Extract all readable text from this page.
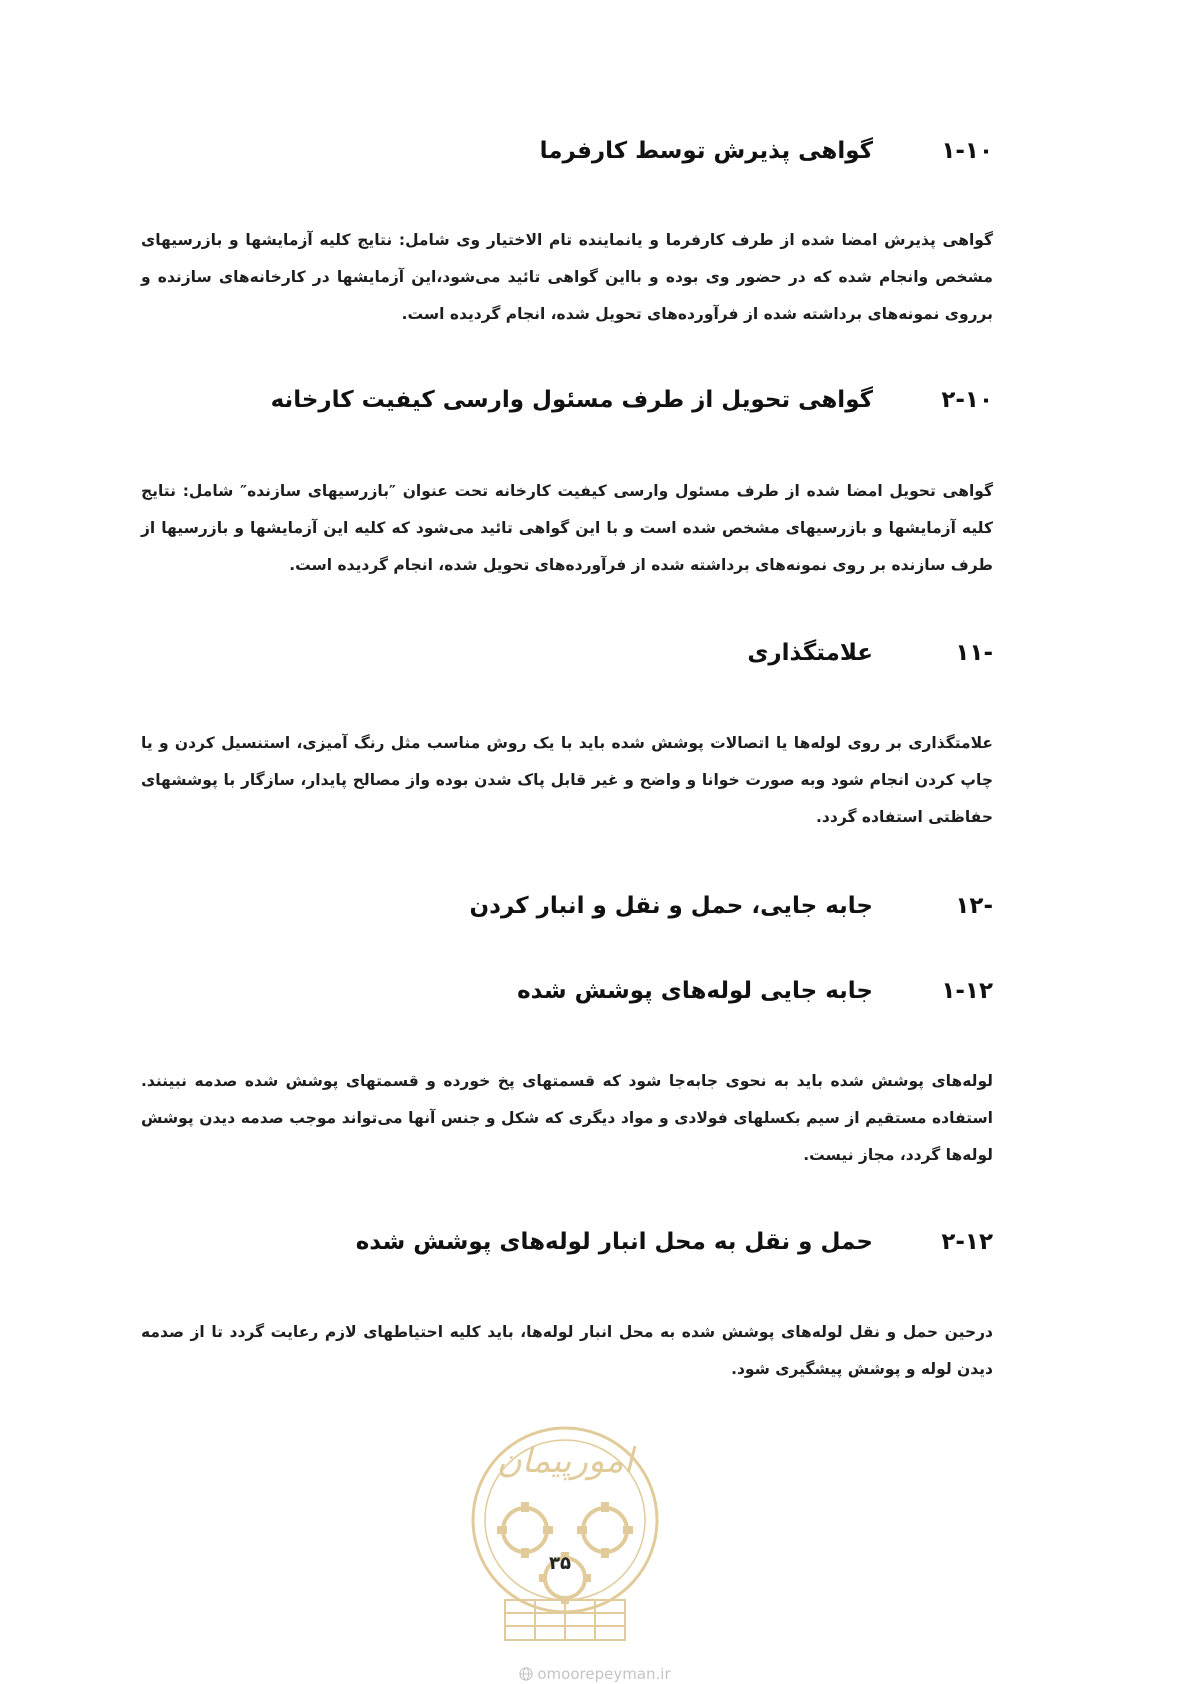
۱-۱۰
گواهی پذیرش توسط کارفرما

گواهی پذیرش امضا شده از طرف کارفرما و یانماینده تام الاختیار وی شامل: نتایج کلیه آزمایشها و بازرسیهای مشخص وانجام شده که در حضور وی بوده و بااین گواهی تائید می‌شود،این آزمایشها در کارخانه‌های سازنده و برروی نمونه‌های برداشته شده از فرآورده‌های تحویل شده، انجام گردیده است.

۲-۱۰
گواهی تحویل از طرف مسئول وارسی کیفیت کارخانه

گواهی تحویل امضا شده از طرف مسئول وارسی کیفیت کارخانه تحت عنوان ″بازرسیهای سازنده″ شامل: نتایج کلیه آزمایشها و بازرسیهای مشخص شده است و با این گواهی تائید می‌شود که کلیه این آزمایشها و بازرسیها از طرف سازنده بر روی نمونه‌های برداشته شده از فرآورده‌های تحویل شده، انجام گردیده است.

۱۱-
علامتگذاری

علامتگذاری بر روی لوله‌ها یا اتصالات پوشش شده باید با یک روش مناسب مثل رنگ آمیزی، استنسیل کردن و یا چاپ کردن انجام شود وبه صورت خوانا و واضح و غیر قابل پاک شدن بوده واز مصالح پایدار، سازگار با پوششهای حفاظتی استفاده گردد.

۱۲-
جابه جایی، حمل و نقل و انبار کردن
۱-۱۲
جابه جایی لوله‌های پوشش شده

لوله‌های پوشش شده باید به نحوی جابه‌جا شود که قسمتهای پخ خورده و قسمتهای پوشش شده صدمه نبینند. استفاده مستقیم از سیم بکسلهای فولادی و مواد دیگری که شکل و جنس آنها می‌تواند موجب صدمه دیدن پوشش لوله‌ها گردد، مجاز نیست.

۲-۱۲
حمل و نقل به محل انبار لوله‌های پوشش شده

درحین حمل و نقل لوله‌های پوشش شده به محل انبار لوله‌ها، باید کلیه احتیاطهای لازم رعایت گردد تا از صدمه دیدن لوله و پوشش پیشگیری شود.

امورپیمان
۳۵
omoorepeyman.ir
